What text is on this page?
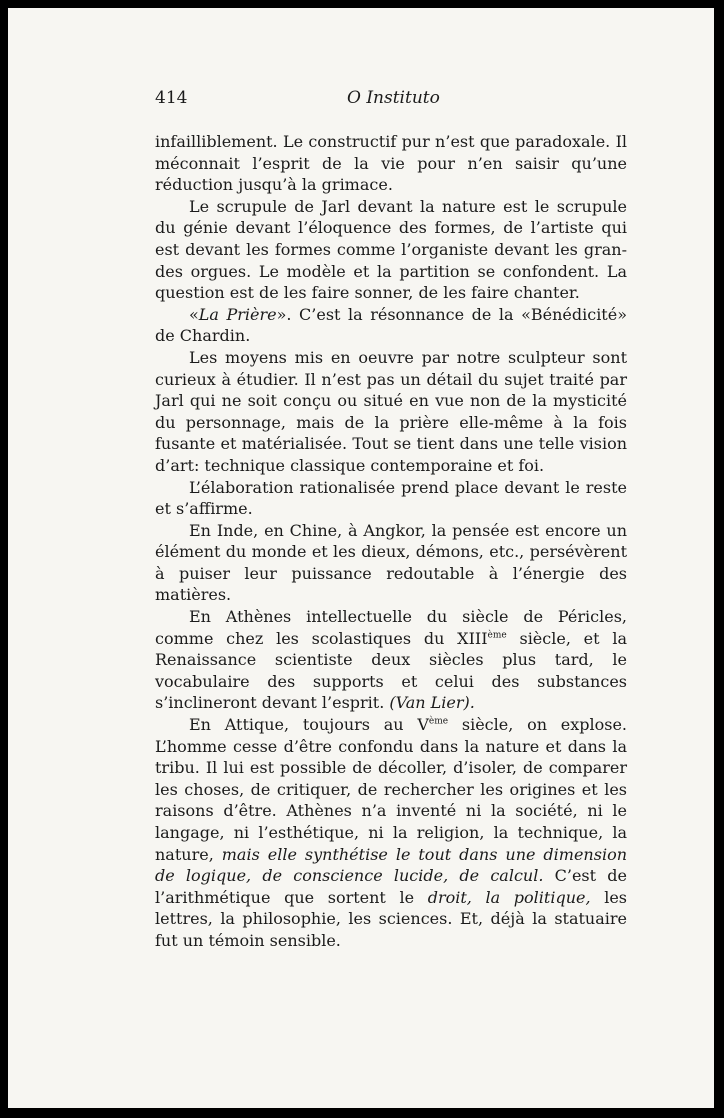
414	O Instituto

infailliblement. Le constructif pur n’est que paradoxale. Il méconnait l’esprit de la vie pour n’en saisir qu’une réduction jusqu’à la grimace.

Le scrupule de Jarl devant la nature est le scrupule du génie devant l’éloquence des formes, de l’artiste qui est devant les formes comme l’organiste devant les grandes orgues. Le modèle et la partition se confondent. La question est de les faire sonner, de les faire chanter.

«La Prière». C’est la résonnance de la «Bénédicité» de Chardin.

Les moyens mis en oeuvre par notre sculpteur sont curieux à étudier. Il n’est pas un détail du sujet traité par Jarl qui ne soit conçu ou situé en vue non de la mysticité du personnage, mais de la prière elle-même à la fois fusante et matérialisée. Tout se tient dans une telle vision d’art: technique classique contemporaine et foi.

L’élaboration rationalisée prend place devant le reste et s’affirme.

En Inde, en Chine, à Angkor, la pensée est encore un élément du monde et les dieux, démons, etc., persévèrent à puiser leur puissance redoutable à l’énergie des matières.

En Athènes intellectuelle du siècle de Péricles, comme chez les scolastiques du XIIIème siècle, et la Renaissance scientiste deux siècles plus tard, le vocabulaire des supports et celui des substances s’inclineront devant l’esprit. (Van Lier).

En Attique, toujours au Vème siècle, on explose. L’homme cesse d’être confondu dans la nature et dans la tribu. Il lui est possible de décoller, d’isoler, de comparer les choses, de critiquer, de rechercher les origines et les raisons d’être. Athènes n’a inventé ni la société, ni le langage, ni l’esthétique, ni la religion, la technique, la nature, mais elle synthétise le tout dans une dimension de logique, de conscience lucide, de calcul. C’est de l’arithmétique que sortent le droit, la politique, les lettres, la philosophie, les sciences. Et, déjà la statuaire fut un témoin sensible.
